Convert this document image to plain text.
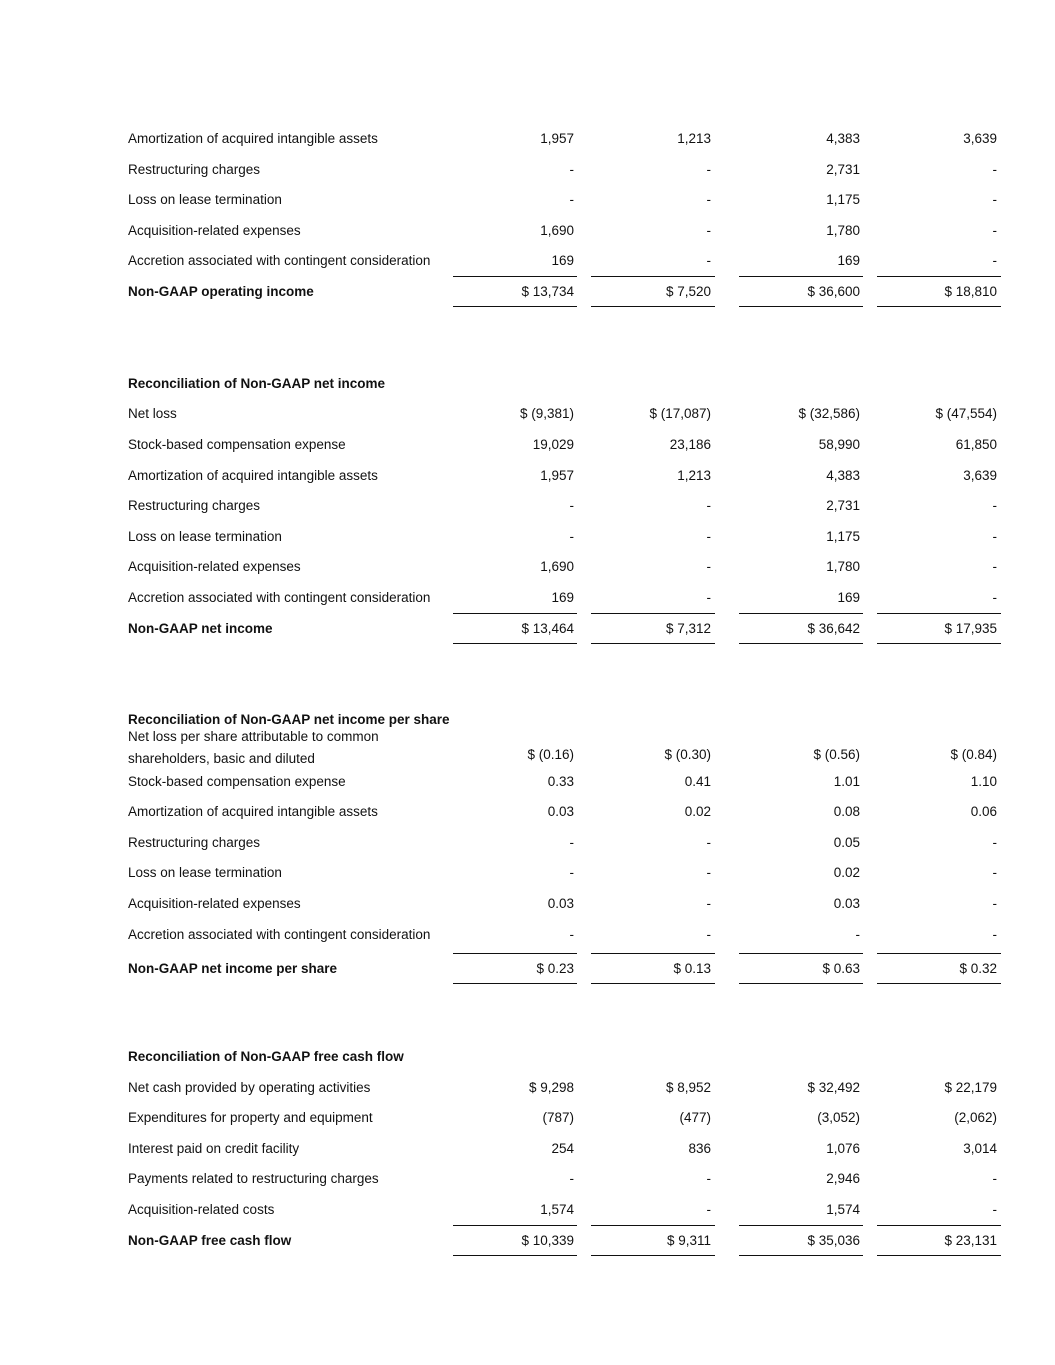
Amortization of acquired intangible assets	1,957	1,213	4,383	3,639
Restructuring charges	-	-	2,731	-
Loss on lease termination	-	-	1,175	-
Acquisition-related expenses	1,690	-	1,780	-
Accretion associated with contingent consideration	169	-	169	-
Non-GAAP operating income	$ 13,734	$ 7,520	$ 36,600	$ 18,810
Reconciliation of Non-GAAP net income
Net loss	$ (9,381)	$ (17,087)	$ (32,586)	$ (47,554)
Stock-based compensation expense	19,029	23,186	58,990	61,850
Amortization of acquired intangible assets	1,957	1,213	4,383	3,639
Restructuring charges	-	-	2,731	-
Loss on lease termination	-	-	1,175	-
Acquisition-related expenses	1,690	-	1,780	-
Accretion associated with contingent consideration	169	-	169	-
Non-GAAP net income	$ 13,464	$ 7,312	$ 36,642	$ 17,935
Reconciliation of Non-GAAP net income per share
Net loss per share attributable to common shareholders, basic and diluted	$ (0.16)	$ (0.30)	$ (0.56)	$ (0.84)
Stock-based compensation expense	0.33	0.41	1.01	1.10
Amortization of acquired intangible assets	0.03	0.02	0.08	0.06
Restructuring charges	-	-	0.05	-
Loss on lease termination	-	-	0.02	-
Acquisition-related expenses	0.03	-	0.03	-
Accretion associated with contingent consideration	-	-	-	-
Non-GAAP net income per share	$ 0.23	$ 0.13	$ 0.63	$ 0.32
Reconciliation of Non-GAAP free cash flow
Net cash provided by operating activities	$ 9,298	$ 8,952	$ 32,492	$ 22,179
Expenditures for property and equipment	(787)	(477)	(3,052)	(2,062)
Interest paid on credit facility	254	836	1,076	3,014
Payments related to restructuring charges	-	-	2,946	-
Acquisition-related costs	1,574	-	1,574	-
Non-GAAP free cash flow	$ 10,339	$ 9,311	$ 35,036	$ 23,131
